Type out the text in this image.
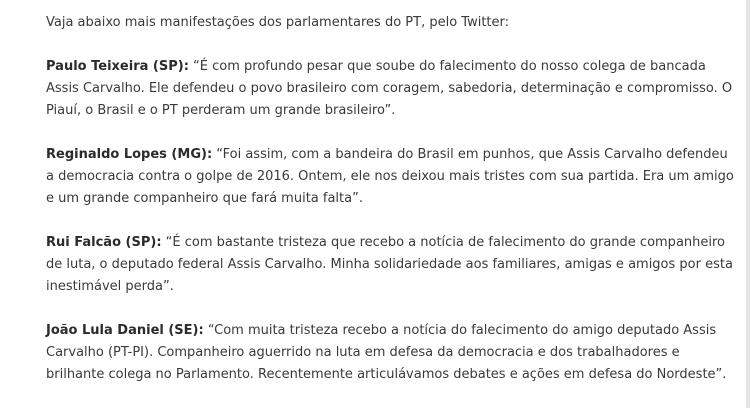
Vaja abaixo mais manifestações dos parlamentares do PT, pelo Twitter:

Paulo Teixeira (SP): “É com profundo pesar que soube do falecimento do nosso colega de bancada Assis Carvalho. Ele defendeu o povo brasileiro com coragem, sabedoria, determinação e compromisso. O Piauí, o Brasil e o PT perderam um grande brasileiro”.

Reginaldo Lopes (MG): “Foi assim, com a bandeira do Brasil em punhos, que Assis Carvalho defendeu a democracia contra o golpe de 2016. Ontem, ele nos deixou mais tristes com sua partida. Era um amigo e um grande companheiro que fará muita falta”.

Rui Falcão (SP): “É com bastante tristeza que recebo a notícia de falecimento do grande companheiro de luta, o deputado federal Assis Carvalho. Minha solidariedade aos familiares, amigas e amigos por esta inestimável perda”.

João Lula Daniel (SE): “Com muita tristeza recebo a notícia do falecimento do amigo deputado Assis Carvalho (PT-PI). Companheiro aguerrido na luta em defesa da democracia e dos trabalhadores e brilhante colega no Parlamento. Recentemente articulávamos debates e ações em defesa do Nordeste”.
